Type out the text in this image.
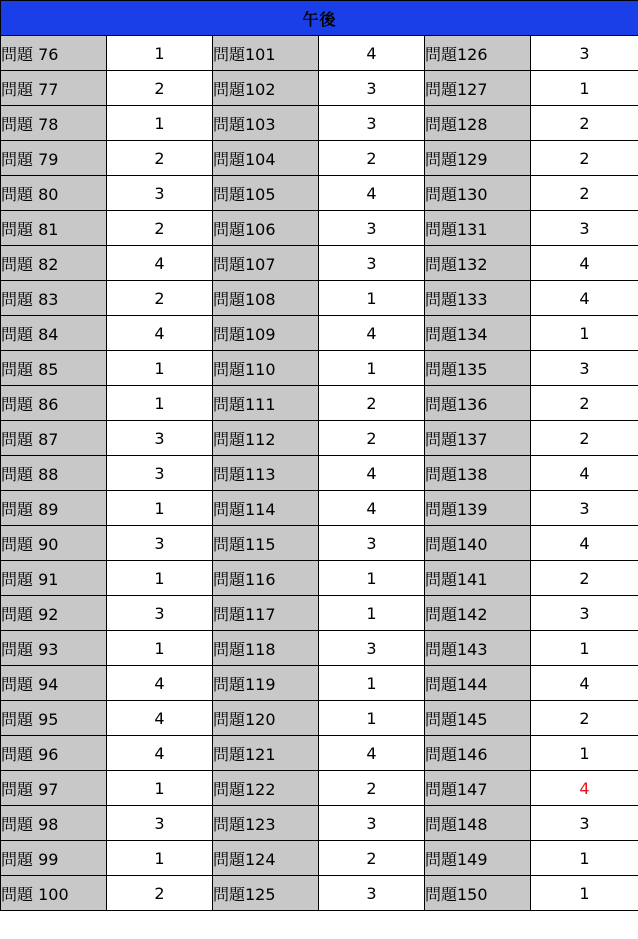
午後					
問題 76	1	問題101	4	問題126	3
問題 77	2	問題102	3	問題127	1
問題 78	1	問題103	3	問題128	2
問題 79	2	問題104	2	問題129	2
問題 80	3	問題105	4	問題130	2
問題 81	2	問題106	3	問題131	3
問題 82	4	問題107	3	問題132	4
問題 83	2	問題108	1	問題133	4
問題 84	4	問題109	4	問題134	1
問題 85	1	問題110	1	問題135	3
問題 86	1	問題111	2	問題136	2
問題 87	3	問題112	2	問題137	2
問題 88	3	問題113	4	問題138	4
問題 89	1	問題114	4	問題139	3
問題 90	3	問題115	3	問題140	4
問題 91	1	問題116	1	問題141	2
問題 92	3	問題117	1	問題142	3
問題 93	1	問題118	3	問題143	1
問題 94	4	問題119	1	問題144	4
問題 95	4	問題120	1	問題145	2
問題 96	4	問題121	4	問題146	1
問題 97	1	問題122	2	問題147	4
問題 98	3	問題123	3	問題148	3
問題 99	1	問題124	2	問題149	1
問題 100	2	問題125	3	問題150	1
